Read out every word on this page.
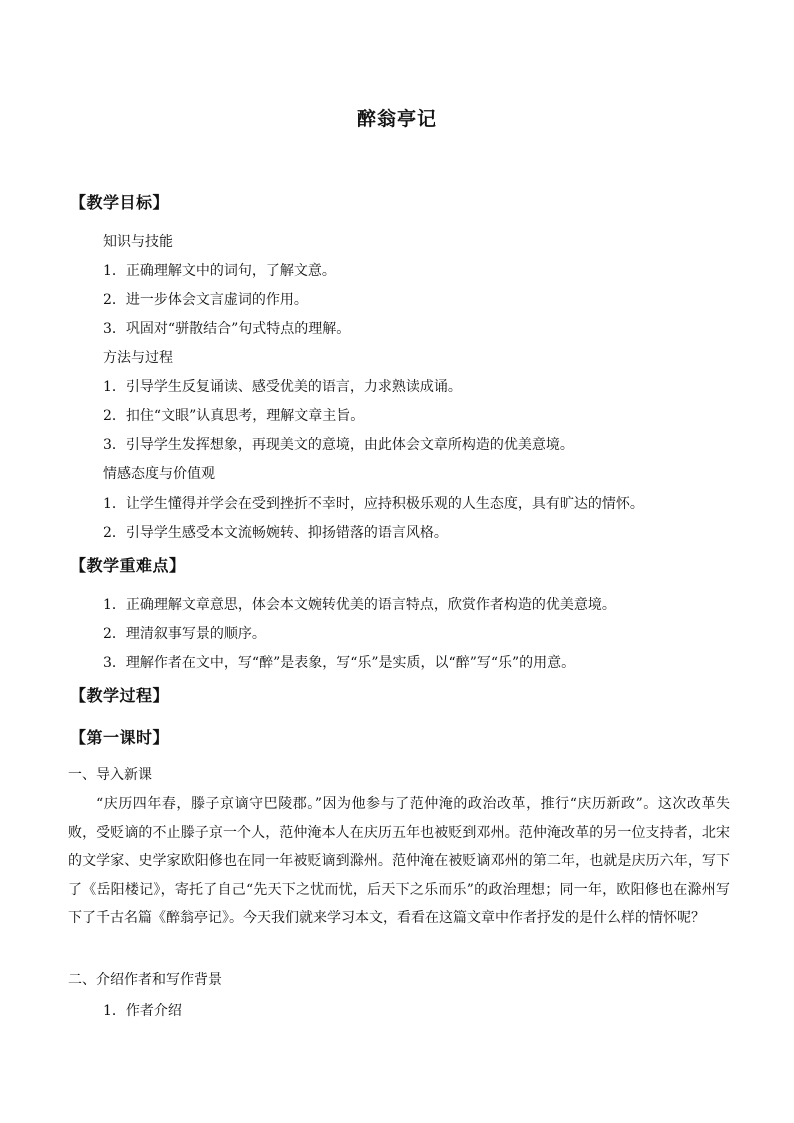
醉翁亭记
【教学目标】
知识与技能
1．正确理解文中的词句，了解文意。
2．进一步体会文言虚词的作用。
3．巩固对“骈散结合”句式特点的理解。
方法与过程
1．引导学生反复诵读、感受优美的语言，力求熟读成诵。
2．扣住“文眼”认真思考，理解文章主旨。
3．引导学生发挥想象，再现美文的意境，由此体会文章所构造的优美意境。
情感态度与价值观
1．让学生懂得并学会在受到挫折不幸时，应持积极乐观的人生态度，具有旷达的情怀。
2．引导学生感受本文流畅婉转、抑扬错落的语言风格。
【教学重难点】
1．正确理解文章意思，体会本文婉转优美的语言特点，欣赏作者构造的优美意境。
2．理清叙事写景的顺序。
3．理解作者在文中，写“醉”是表象，写“乐”是实质，以“醉”写“乐”的用意。
【教学过程】
【第一课时】
一、导入新课
“庆历四年春，滕子京谪守巴陵郡。”因为他参与了范仲淹的政治改革，推行“庆历新政”。这次改革失败，受贬谪的不止滕子京一个人，范仲淹本人在庆历五年也被贬到邓州。范仲淹改革的另一位支持者，北宋的文学家、史学家欧阳修也在同一年被贬谪到滁州。范仲淹在被贬谪邓州的第二年，也就是庆历六年，写下了《岳阳楼记》，寄托了自己“先天下之忧而忧，后天下之乐而乐”的政治理想；同一年，欧阳修也在滁州写下了千古名篇《醉翁亭记》。今天我们就来学习本文，看看在这篇文章中作者抒发的是什么样的情怀呢？
二、介绍作者和写作背景
1．作者介绍
